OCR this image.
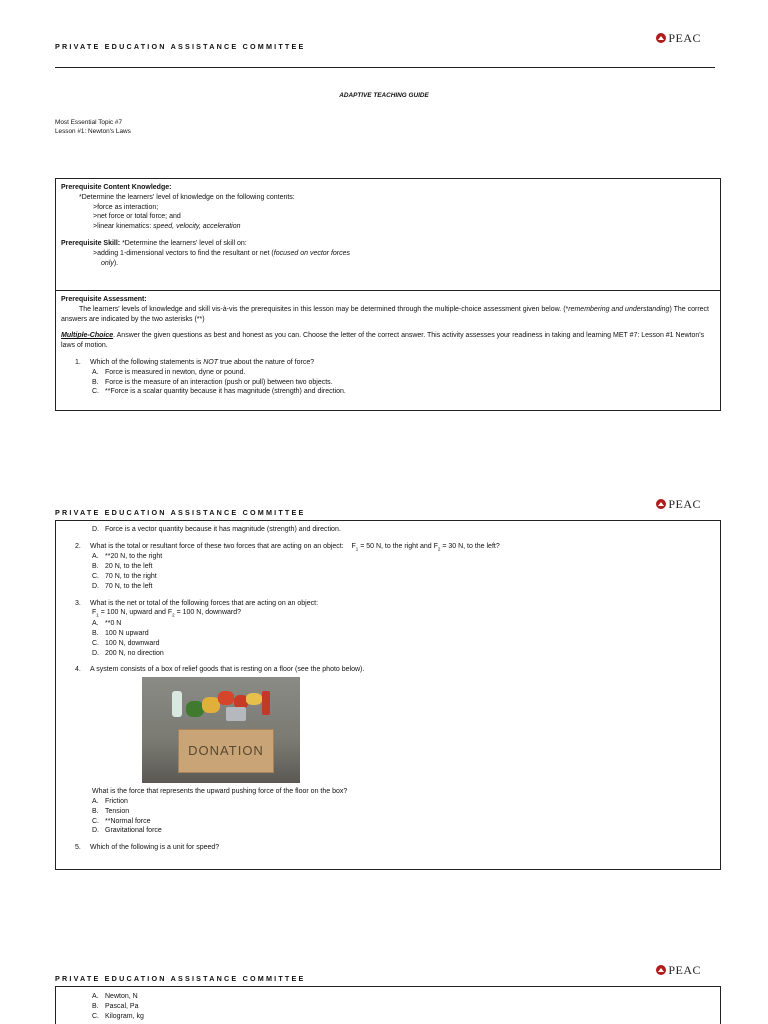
PRIVATE EDUCATION ASSISTANCE COMMITTEE
PEAC
ADAPTIVE TEACHING GUIDE
Most Essential Topic #7
Lesson #1: Newton's Laws
Prerequisite Content Knowledge:
*Determine the learners' level of knowledge on the following contents:
>force as interaction;
>net force or total force; and
>linear kinematics: speed, velocity, acceleration
Prerequisite Skill: *Determine the learners' level of skill on:
>adding 1-dimensional vectors to find the resultant or net (focused on vector forces
only).
Prerequisite Assessment:
The learners' levels of knowledge and skill vis-à-vis the prerequisites in this lesson may be determined through the multiple-choice assessment given below. (*remembering and understanding) The correct answers are indicated by the two asterisks (**)
Multiple-Choice. Answer the given questions as best and honest as you can. Choose the letter of the correct answer. This activity assesses your readiness in taking and learning MET #7: Lesson #1 Newton's laws of motion.
1.	Which of the following statements is NOT true about the nature of force?
A. Force is measured in newton, dyne or pound.
B. Force is the measure of an interaction (push or pull) between two objects.
C. **Force is a scalar quantity because it has magnitude (strength) and direction.
PRIVATE EDUCATION ASSISTANCE COMMITTEE
PEAC
D. Force is a vector quantity because it has magnitude (strength) and direction.
2.	What is the total or resultant force of these two forces that are acting on an object: $F_1 = 50$ N, to the right and $F_2 = 30$ N, to the left?
A. **20 N, to the right
B. 20 N, to the left
C. 70 N, to the right
D. 70 N, to the left
3.	What is the net or total of the following forces that are acting on an object:
$F_1 = 100$ N, upward and $F_2 = 100$ N, downward?
A. **0 N
B. 100 N upward
C. 100 N, downward
D. 200 N, no direction
4.	A system consists of a box of relief goods that is resting on a floor (see the photo below).
DONATION
What is the force that represents the upward pushing force of the floor on the box?
A. Friction
B. Tension
C. **Normal force
D. Gravitational force
5.	Which of the following is a unit for speed?
PRIVATE EDUCATION ASSISTANCE COMMITTEE
PEAC
A. Newton, N
B. Pascal, Pa
C. Kilogram, kg
